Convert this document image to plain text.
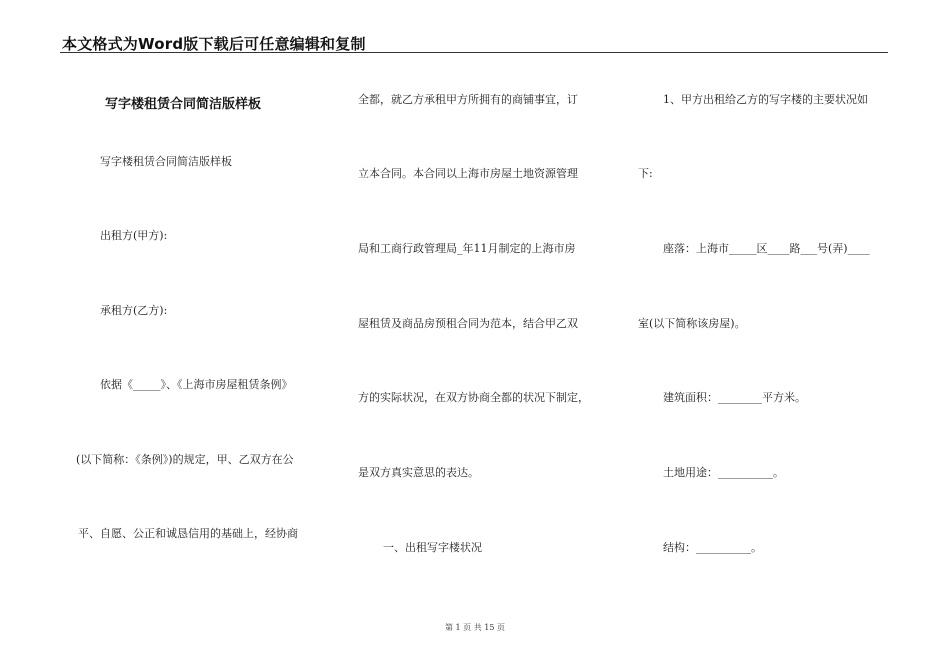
本文格式为Word版下载后可任意编辑和复制
写字楼租赁合同简洁版样板
写字楼租赁合同简洁版样板
出租方(甲方):
承租方(乙方):
依据《_____》、《上海市房屋租赁条例》
(以下简称：《条例》)的规定，甲、乙双方在公
平、自愿、公正和诚恳信用的基础上，经协商
全都，就乙方承租甲方所拥有的商铺事宜，订
立本合同。本合同以上海市房屋土地资源管理
局和工商行政管理局_年11月制定的上海市房
屋租赁及商品房预租合同为范本，结合甲乙双
方的实际状况，在双方协商全都的状况下制定，
是双方真实意思的表达。
一、出租写字楼状况
1、甲方出租给乙方的写字楼的主要状况如
下:
座落：上海市_____区____路___号(弄)____
室(以下简称该房屋)。
建筑面积：________平方米。
土地用途：__________。
结构：__________。
第 1 页 共 15 页
